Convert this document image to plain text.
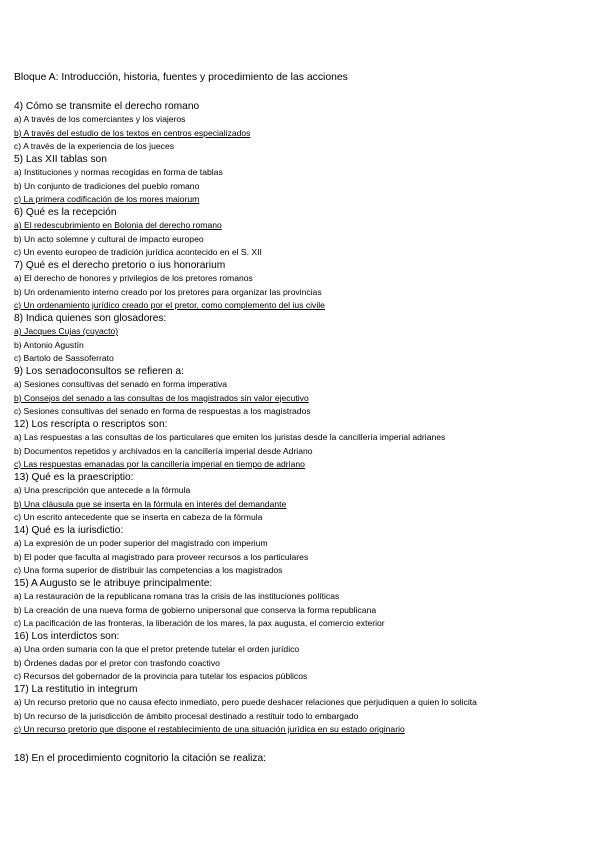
Bloque A: Introducción, historia, fuentes y procedimiento de las acciones
4) Cómo se transmite el derecho romano
a) A través de los comerciantes y los viajeros
b) A través del estudio de los textos en centros especializados
c) A través de la experiencia de los jueces
5) Las XII tablas son
a) Instituciones y normas recogidas en forma de tablas
b) Un conjunto de tradiciones del pueblo romano
c) La primera codificación de los mores maiorum
6) Qué es la recepción
a) El redescubrimiento en Bolonia del derecho romano
b) Un acto solemne y cultural de impacto europeo
c) Un evento europeo de tradición jurídica acontecido en el S. XII
7) Qué es el derecho pretorio o ius honorarium
a) El derecho de honores y privilegios de los pretores romanos
b) Un ordenamiento interno creado por los pretores para organizar las provincias
c) Un ordenamiento jurídico creado por el pretor, como complemento del ius civile
8) Indica quienes son glosadores:
a) Jacques Cujas (cuyacto)
b) Antonio Agustín
c) Bartolo de Sassoferrato
9) Los senadoconsultos se refieren a:
a) Sesiones consultivas del senado en forma imperativa
b) Consejos del senado a las consultas de los magistrados sin valor ejecutivo
c) Sesiones consultivas del senado en forma de respuestas a los magistrados
12) Los rescripta o rescriptos son:
a) Las respuestas a las consultas de los particulares que emiten los juristas desde la cancillería imperial adrianes
b) Documentos repetidos y archivados en la cancillería imperial desde Adriano
c) Las respuestas emanadas por la cancillería imperial en tiempo de adriano
13) Qué es la praescriptio:
a) Una prescripción que antecede a la fórmula
b) Una cláusula que se inserta en la fórmula en interés del demandante
c) Un escrito antecedente que se inserta en cabeza de la fórmula
14) Qué es la iurisdictio:
a) La expresión de un poder superior del magistrado con imperium
b) El poder que faculta al magistrado para proveer recursos a los particulares
c) Una forma superior de distribuir las competencias a los magistrados
15) A Augusto se le atribuye principalmente:
a) La restauración de la republicana romana tras la crisis de las instituciones políticas
b) La creación de una nueva forma de gobierno unipersonal que conserva la forma republicana
c) La pacificación de las fronteras, la liberación de los mares, la pax augusta, el comercio exterior
16) Los interdictos son:
a) Una orden sumaria con la que el pretor pretende tutelar el orden jurídico
b) Órdenes dadas por el pretor con trasfondo coactivo
c) Recursos del gobernador de la provincia para tutelar los espacios públicos
17) La restitutio in integrum
a) Un recurso pretorio que no causa efecto inmediato, pero puede deshacer relaciones que perjudiquen a quien lo solicita
b) Un recurso de la jurisdicción de ámbito procesal destinado a restituir todo lo embargado
c) Un recurso pretorio que dispone el restablecimiento de una situación jurídica en su estado originario
18) En el procedimiento cognitorio la citación se realiza:
